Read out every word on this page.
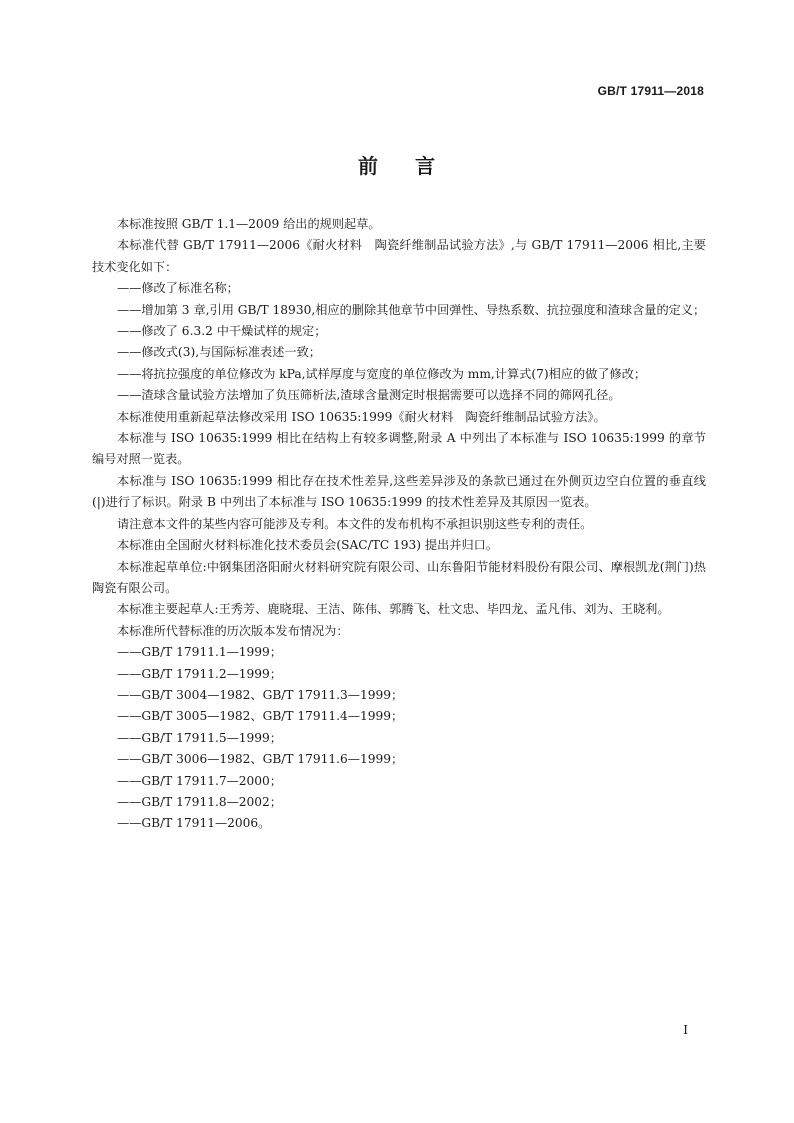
GB/T 17911—2018
前 言

本标准按照 GB/T 1.1—2009 给出的规则起草。

本标准代替 GB/T 17911—2006《耐火材料　陶瓷纤维制品试验方法》,与 GB/T 17911—2006 相比,主要技术变化如下：

—— 修改了标准名称；
—— 增加第 3 章,引用 GB/T 18930,相应的删除其他章节中回弹性、导热系数、抗拉强度和渣球含量的定义；
—— 修改了 6.3.2 中干燥试样的规定；
—— 修改式(3),与国际标准表述一致；
—— 将抗拉强度的单位修改为 kPa,试样厚度与宽度的单位修改为 mm,计算式(7)相应的做了修改；
—— 渣球含量试验方法增加了负压筛析法,渣球含量测定时根据需要可以选择不同的筛网孔径。

本标准使用重新起草法修改采用 ISO 10635:1999《耐火材料　陶瓷纤维制品试验方法》。

本标准与 ISO 10635:1999 相比在结构上有较多调整,附录 A 中列出了本标准与 ISO 10635:1999 的章节编号对照一览表。

本标准与 ISO 10635:1999 相比存在技术性差异,这些差异涉及的条款已通过在外侧页边空白位置的垂直线(|)进行了标识。附录 B 中列出了本标准与 ISO 10635:1999 的技术性差异及其原因一览表。

请注意本文件的某些内容可能涉及专利。本文件的发布机构不承担识别这些专利的责任。

本标准由全国耐火材料标准化技术委员会(SAC/TC 193) 提出并归口。

本标准起草单位:中钢集团洛阳耐火材料研究院有限公司、山东鲁阳节能材料股份有限公司、摩根凯龙(荆门)热陶瓷有限公司。

本标准主要起草人:王秀芳、鹿晓琨、王洁、陈伟、郭腾飞、杜文忠、毕四龙、孟凡伟、刘为、王晓利。

本标准所代替标准的历次版本发布情况为：

—— GB/T 17911.1—1999；
—— GB/T 17911.2—1999；
—— GB/T 3004—1982、GB/T 17911.3—1999；
—— GB/T 3005—1982、GB/T 17911.4—1999；
—— GB/T 17911.5—1999；
—— GB/T 3006—1982、GB/T 17911.6—1999；
—— GB/T 17911.7—2000；
—— GB/T 17911.8—2002；
—— GB/T 17911—2006。
I
